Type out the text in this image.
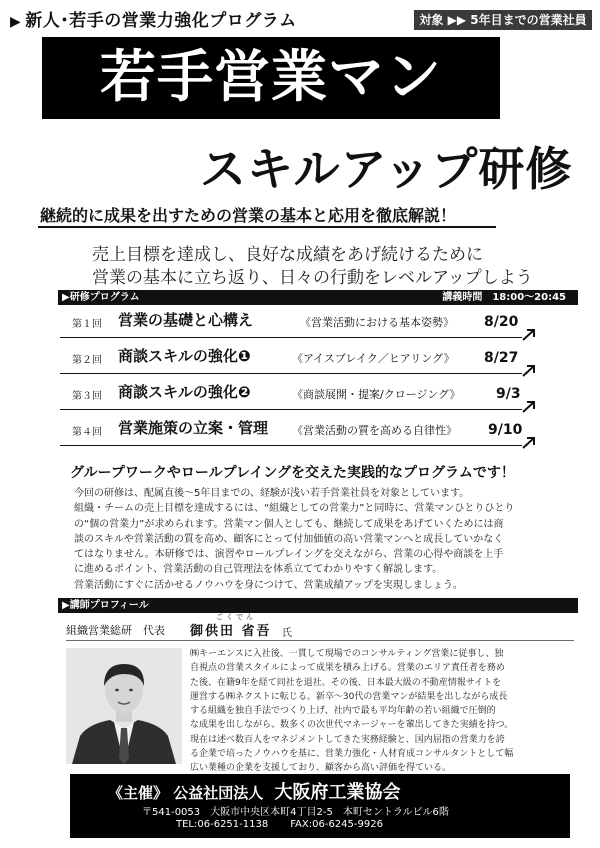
▶ 新人･若手の営業力強化プログラム	対象 ▶▶ 5年目までの営業社員
若手営業マン
スキルアップ研修
継続的に成果を出すための営業の基本と応用を徹底解説！
売上目標を達成し、良好な成績をあげ続けるために
営業の基本に立ち返り、日々の行動をレベルアップしよう
▶研修プログラム	講義時間　18:00～20:45
第１回 営業の基礎と心構え	《営業活動における基本姿勢》 8/20
第２回 商談スキルの強化❶	《アイスブレイク／ヒアリング》 8/27
第３回 商談スキルの強化❷	《商談展開・提案/クロージング》	9/3
第４回 営業施策の立案・管理 《営業活動の質を高める自律性》 9/10
グループワークやロールプレイングを交えた実践的なプログラムです！

今回の研修は、配属直後～5年目までの、経験が浅い若手営業社員を対象としています。

組織・チームの売上目標を達成するには、“組織としての営業力”と同時に、営業マンひとりひとり

の“個の営業力”が求められます。営業マン個人としても、継続して成果をあげていくためには商

談のスキルや営業活動の質を高め、顧客にとって付加価値の高い営業マンへと成長していかなく

てはなりません。本研修では、演習やロールプレイングを交えながら、営業の心得や商談を上手

に進めるポイント、営業活動の自己管理法を体系立ててわかりやすく解説します。

営業活動にすぐに活かせるノウハウを身につけて、営業成績アップを実現しましょう。

▶講師プロフィール
組織営業総研　代表
ごくでん
御供田 省吾 氏

㈱キーエンスに入社後、一貫して現場でのコンサルティング営業に従事し、独

自視点の営業スタイルによって成果を積み上げる。営業のエリア責任者を務め

た後、在籍9年を経て同社を退社。その後、日本最大級の不動産情報サイトを

運営する㈱ネクストに転じる。新卒～30代の営業マンが結果を出しながら成長

する組織を独自手法でつくり上げ、社内で最も平均年齢の若い組織で圧倒的

な成果を出しながら、数多くの次世代マネージャーを輩出してきた実績を持つ。

現在は述べ数百人をマネジメントしてきた実務経験と、国内屈指の営業力を誇

る企業で培ったノウハウを基に、営業力強化・人材育成コンサルタントとして幅

広い業種の企業を支援しており、顧客から高い評価を得ている。

《主催》 公益社団法人 大阪府工業協会
〒541-0053　大阪市中央区本町4丁目2-5　本町セントラルビル6階
TEL:06-6251-1138 FAX:06-6245-9926
